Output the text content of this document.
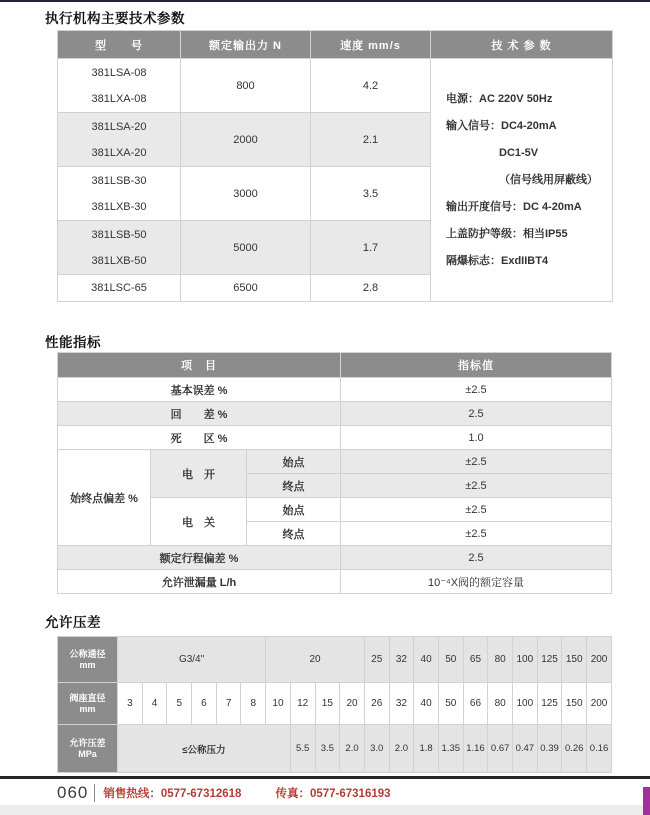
执行机构主要技术参数
型　　号	额定输出力 N	速度 mm/s	技 术 参 数

381LSA-08
381LXA-08
	800	4.2	
电源：AC 220V 50Hz
输入信号：DC4-20mA
DC1-5V
（信号线用屏蔽线）
输出开度信号：DC 4-20mA
上盖防护等级：相当IP55
隔爆标志：ExdIIBT4

381LSA-20
381LXA-20	2000	2.1	

381LSB-30
381LXB-30	3000	3.5	

381LSB-50
381LXB-50	5000	1.7	

381LSC-65	6500	2.8	
性能指标
项　目			指标值
基本误差 %			±2.5
回　　差 %			2.5
死　　区 %			1.0
始终点偏差 %	电　开	始点	±2.5
		终点	±2.5
	电　关	始点	±2.5
		终点	±2.5
额定行程偏差 %			2.5
允许泄漏量 L/h			10⁻⁴X阀的额定容量
允许压差
公称通径
mm	G3/4"						20				25	32	40	50	65	80	100	125	150	200

阀座直径
mm	3	4	5	6	7	8	10	12	15	20	26	32	40	50	66	80	100	125	150	200

允许压差
MPa	≤公称压力							5.5	3.5	2.0	3.0	2.0	1.8	1.35	1.16	0.67	0.47	0.39	0.26	0.16
060 销售热线：0577-67312618	传真：0577-67316193
